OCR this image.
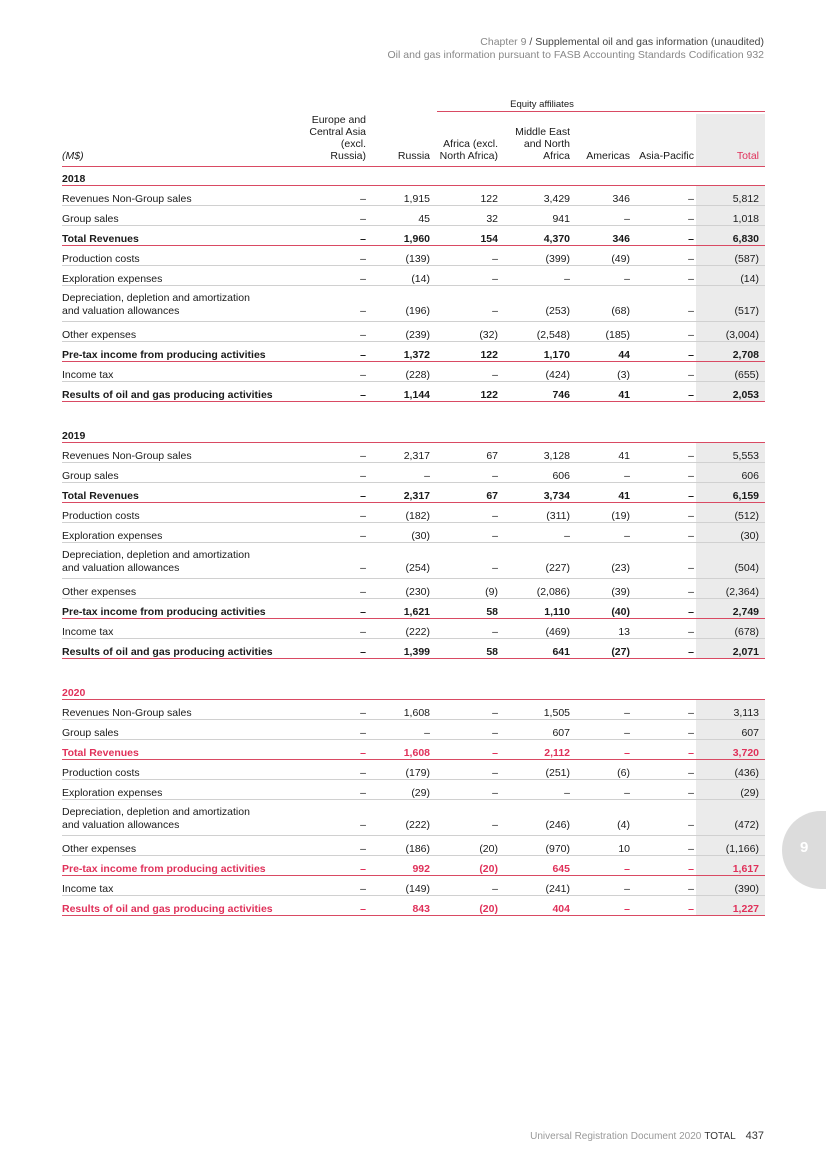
Chapter 9 / Supplemental oil and gas information (unaudited)
Oil and gas information pursuant to FASB Accounting Standards Codification 932
Equity affiliates
(M$)	Europe and Central Asia (excl. Russia)	Russia	Africa (excl. North Africa)	Middle East and North Africa	Americas	Asia-Pacific	Total
2018							
Revenues Non-Group sales	–	1,915	122	3,429	346	–	5,812
Group sales	–	45	32	941	–	–	1,018
Total Revenues	–	1,960	154	4,370	346	–	6,830
Production costs	–	(139)	–	(399)	(49)	–	(587)
Exploration expenses	–	(14)	–	–	–	–	(14)
Depreciation, depletion and amortization
and valuation allowances	–	(196)	–	(253)	(68)	–	(517)
Other expenses	–	(239)	(32)	(2,548)	(185)	–	(3,004)
Pre-tax income from producing activities	–	1,372	122	1,170	44	–	2,708
Income tax	–	(228)	–	(424)	(3)	–	(655)
Results of oil and gas producing activities	–	1,144	122	746	41	–	2,053

2019							
Revenues Non-Group sales	–	2,317	67	3,128	41	–	5,553
Group sales	–	–	–	606	–	–	606
Total Revenues	–	2,317	67	3,734	41	–	6,159
Production costs	–	(182)	–	(311)	(19)	–	(512)
Exploration expenses	–	(30)	–	–	–	–	(30)
Depreciation, depletion and amortization
and valuation allowances	–	(254)	–	(227)	(23)	–	(504)
Other expenses	–	(230)	(9)	(2,086)	(39)	–	(2,364)
Pre-tax income from producing activities	–	1,621	58	1,110	(40)	–	2,749
Income tax	–	(222)	–	(469)	13	–	(678)
Results of oil and gas producing activities	–	1,399	58	641	(27)	–	2,071

2020							
Revenues Non-Group sales	–	1,608	–	1,505	–	–	3,113
Group sales	–	–	–	607	–	–	607
Total Revenues	–	1,608	–	2,112	–	–	3,720
Production costs	–	(179)	–	(251)	(6)	–	(436)
Exploration expenses	–	(29)	–	–	–	–	(29)
Depreciation, depletion and amortization
and valuation allowances	–	(222)	–	(246)	(4)	–	(472)
Other expenses	–	(186)	(20)	(970)	10	–	(1,166)
Pre-tax income from producing activities	–	992	(20)	645	–	–	1,617
Income tax	–	(149)	–	(241)	–	–	(390)
Results of oil and gas producing activities	–	843	(20)	404	–	–	1,227
9
Universal Registration Document 2020 TOTAL 437
